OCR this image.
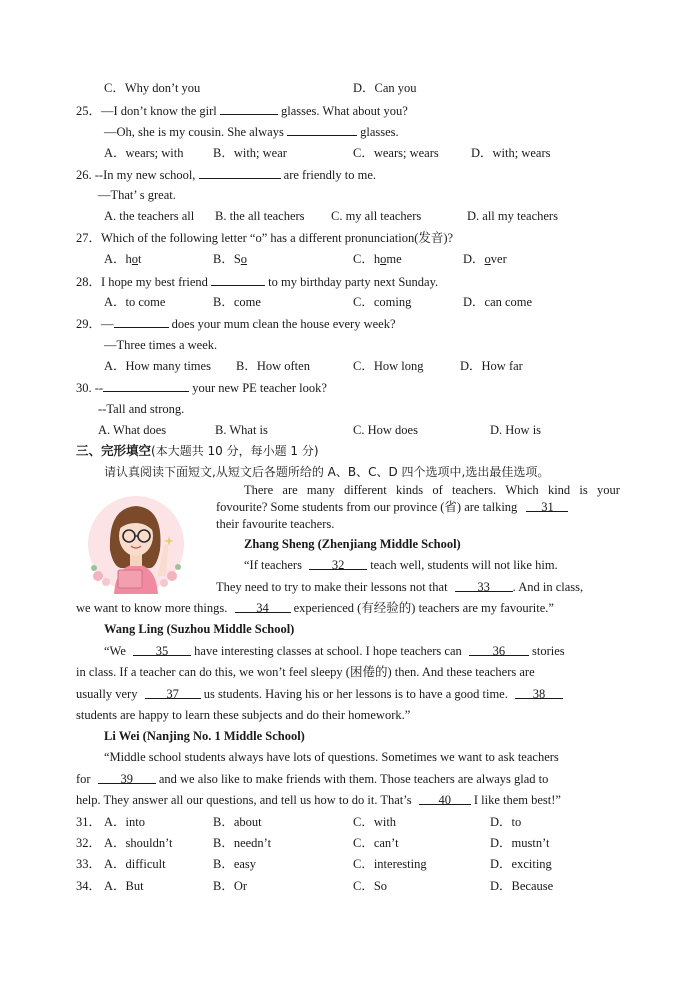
C．Why don’t you	D．Can you
25．—I don’t know the girl	glasses. What about you?
—Oh, she is my cousin. She always	glasses.
A．wears; with B．with; wear	C．wears; wears	D．with; wears
26. --In my new school,	are friendly to me.
—That’ s great.
A. the teachers all B. the all teachers C. my all teachers	D. all my teachers
27．Which of the following letter “o” has a different pronunciation(发音)?
A．hot	B．So	C．home	D．over
28．I hope my best friend	to my birthday party next Sunday.
A．to come	B．come	C．coming	D．can come
29．—	does your mum clean the house every week?
—Three times a week.
A．How many times B．How often	C．How long	D．How far
30. --	your new PE teacher look?
--Tall and strong.
A. What does	B. What is	C. How does	D. How is
三、完形填空(本大题共 10 分，每小题 1 分)
请认真阅读下面短文,从短文后各题所给的 A、B、C、D 四个选项中,选出最佳选项。
There are many different kinds of teachers. Which kind is your
fovourite? Some students from our province (省) are talking 31
their favourite teachers.
Zhang Sheng (Zhenjiang Middle School)
“If teachers 32 teach well, students will not like him.
They need to try to make their lessons not that 33 . And in class,
we want to know more things. 34 experienced (有经验的) teachers are my favourite.”
Wang Ling (Suzhou Middle School)
“We 35 have interesting classes at school. I hope teachers can 36 stories
in class. If a teacher can do this, we won’t feel sleepy (困倦的) then. And these teachers are
usually very 37 us students. Having his or her lessons is to have a good time. 38
students are happy to learn these subjects and do their homework.”
Li Wei (Nanjing No. 1 Middle School)
“Middle school students always have lots of questions. Sometimes we want to ask teachers
for 39 and we also like to make friends with them. Those teachers are always glad to
help. They answer all our questions, and tell us how to do it. That’s 40 I like them best!”
31． A．into	B．about	C．with	D．to
32． A．shouldn’t	B．needn’t	C．can’t	D．mustn’t
33． A．difficult	B．easy	C．interesting	D．exciting
34． A．But	B．Or	C．So	D．Because
